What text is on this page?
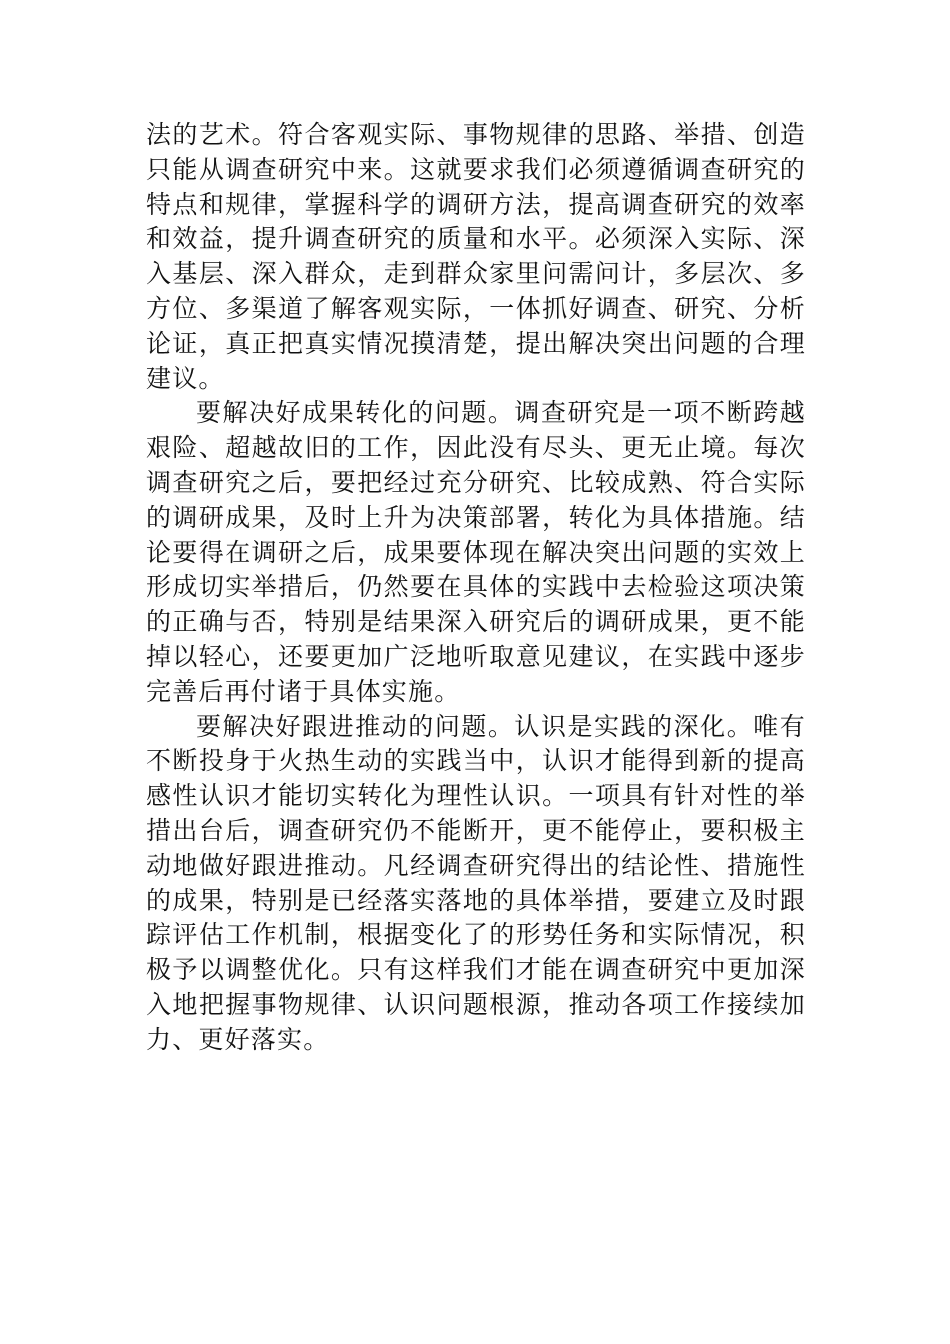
法的艺术。符合客观实际、事物规律的思路、举措、创造只能从调查研究中来。这就要求我们必须遵循调查研究的特点和规律，掌握科学的调研方法，提高调查研究的效率和效益，提升调查研究的质量和水平。必须深入实际、深入基层、深入群众，走到群众家里问需问计，多层次、多方位、多渠道了解客观实际，一体抓好调查、研究、分析论证，真正把真实情况摸清楚，提出解决突出问题的合理建议。

要解决好成果转化的问题。调查研究是一项不断跨越艰险、超越故旧的工作，因此没有尽头、更无止境。每次调查研究之后，要把经过充分研究、比较成熟、符合实际的调研成果，及时上升为决策部署，转化为具体措施。结论要得在调研之后，成果要体现在解决突出问题的实效上形成切实举措后，仍然要在具体的实践中去检验这项决策的正确与否，特别是结果深入研究后的调研成果，更不能掉以轻心，还要更加广泛地听取意见建议，在实践中逐步完善后再付诸于具体实施。

要解决好跟进推动的问题。认识是实践的深化。唯有不断投身于火热生动的实践当中，认识才能得到新的提高感性认识才能切实转化为理性认识。一项具有针对性的举措出台后，调查研究仍不能断开，更不能停止，要积极主动地做好跟进推动。凡经调查研究得出的结论性、措施性的成果，特别是已经落实落地的具体举措，要建立及时跟踪评估工作机制，根据变化了的形势任务和实际情况，积极予以调整优化。只有这样我们才能在调查研究中更加深入地把握事物规律、认识问题根源，推动各项工作接续加力、更好落实。
